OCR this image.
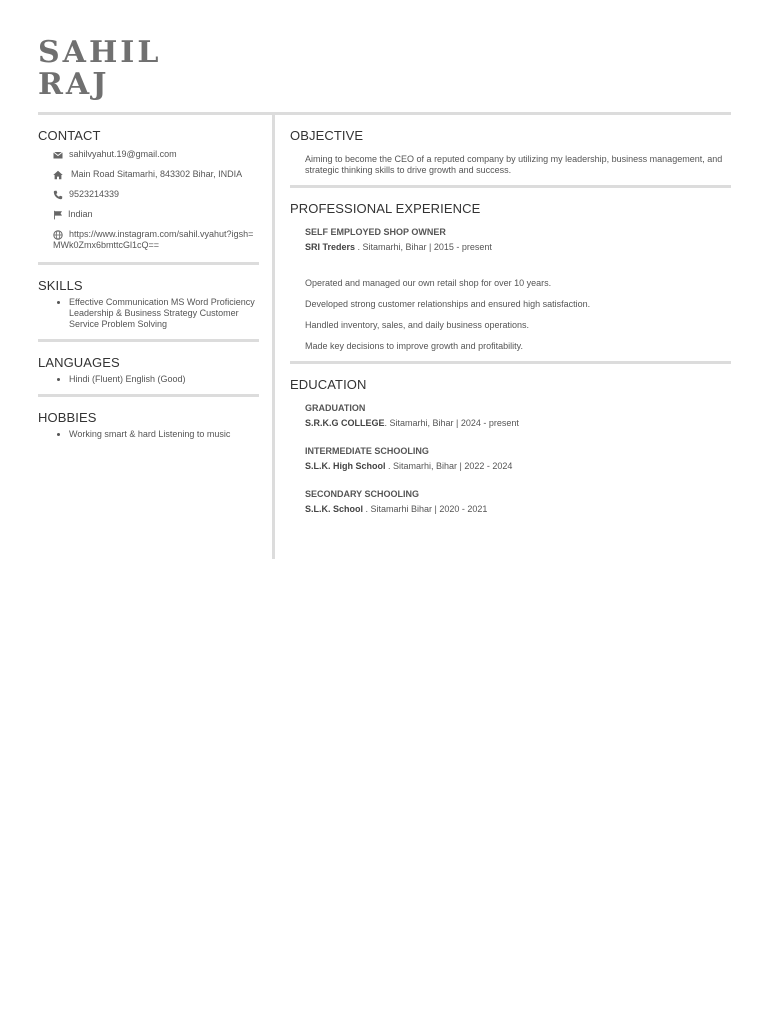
SAHIL
RAJ
CONTACT
sahilvyahut.19@gmail.com
Main Road Sitamarhi, 843302 Bihar, INDIA
9523214339
Indian
https://www.instagram.com/sahil.vyahut?igsh=MWk0Zmx6bmttcGl1cQ==
SKILLS
• Effective Communication MS Word Proficiency Leadership & Business Strategy Customer Service Problem Solving
LANGUAGES
• Hindi (Fluent) English (Good)
HOBBIES
• Working smart & hard Listening to music
OBJECTIVE
Aiming to become the CEO of a reputed company by utilizing my leadership, business management, and strategic thinking skills to drive growth and success.
PROFESSIONAL EXPERIENCE
SELF EMPLOYED SHOP OWNER
SRI Treders . Sitamarhi, Bihar | 2015 - present
Operated and managed our own retail shop for over 10 years.
Developed strong customer relationships and ensured high satisfaction.
Handled inventory, sales, and daily business operations.
Made key decisions to improve growth and profitability.
EDUCATION
GRADUATION
S.R.K.G COLLEGE. Sitamarhi, Bihar | 2024 - present
INTERMEDIATE SCHOOLING
S.L.K. High School . Sitamarhi, Bihar | 2022 - 2024
SECONDARY SCHOOLING
S.L.K. School . Sitamarhi Bihar | 2020 - 2021
